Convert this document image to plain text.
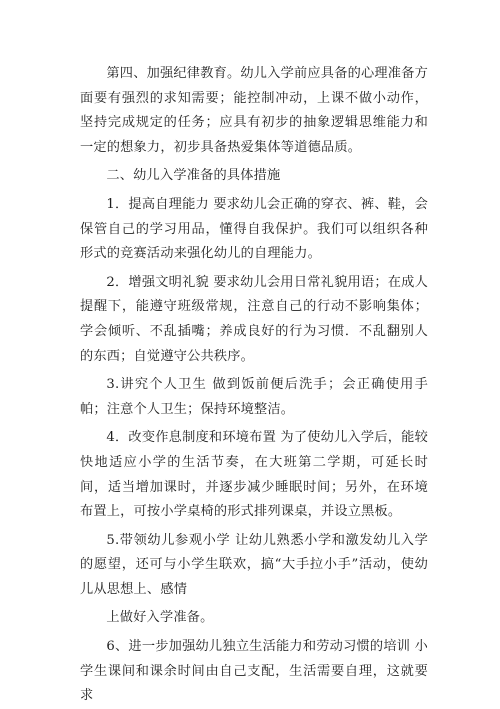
第四、加强纪律教育。幼儿入学前应具备的心理准备方面要有强烈的求知需要；能控制冲动，上课不做小动作，坚持完成规定的任务；应具有初步的抽象逻辑思维能力和一定的想象力，初步具备热爱集体等道德品质。

二、幼儿入学准备的具体措施

1．提高自理能力 要求幼儿会正确的穿衣、裤、鞋，会保管自己的学习用品，懂得自我保护。我们可以组织各种形式的竞赛活动来强化幼儿的自理能力。

2．增强文明礼貌 要求幼儿会用日常礼貌用语；在成人提醒下，能遵守班级常规，注意自己的行动不影响集体；学会倾听、不乱插嘴；养成良好的行为习惯．不乱翻别人的东西；自觉遵守公共秩序。

3.讲究个人卫生 做到饭前便后洗手；会正确使用手帕；注意个人卫生；保持环境整洁。

4．改变作息制度和环境布置 为了使幼儿入学后，能较快地适应小学的生活节奏，在大班第二学期，可延长时间，适当增加课时，并逐步减少睡眠时间；另外，在环境布置上，可按小学桌椅的形式排列课桌，并设立黑板。

5.带领幼儿参观小学 让幼儿熟悉小学和激发幼儿入学的愿望，还可与小学生联欢，搞“大手拉小手”活动，使幼儿从思想上、感情

上做好入学准备。

6、进一步加强幼儿独立生活能力和劳动习惯的培训 小学生课间和课余时间由自己支配，生活需要自理，这就要求
